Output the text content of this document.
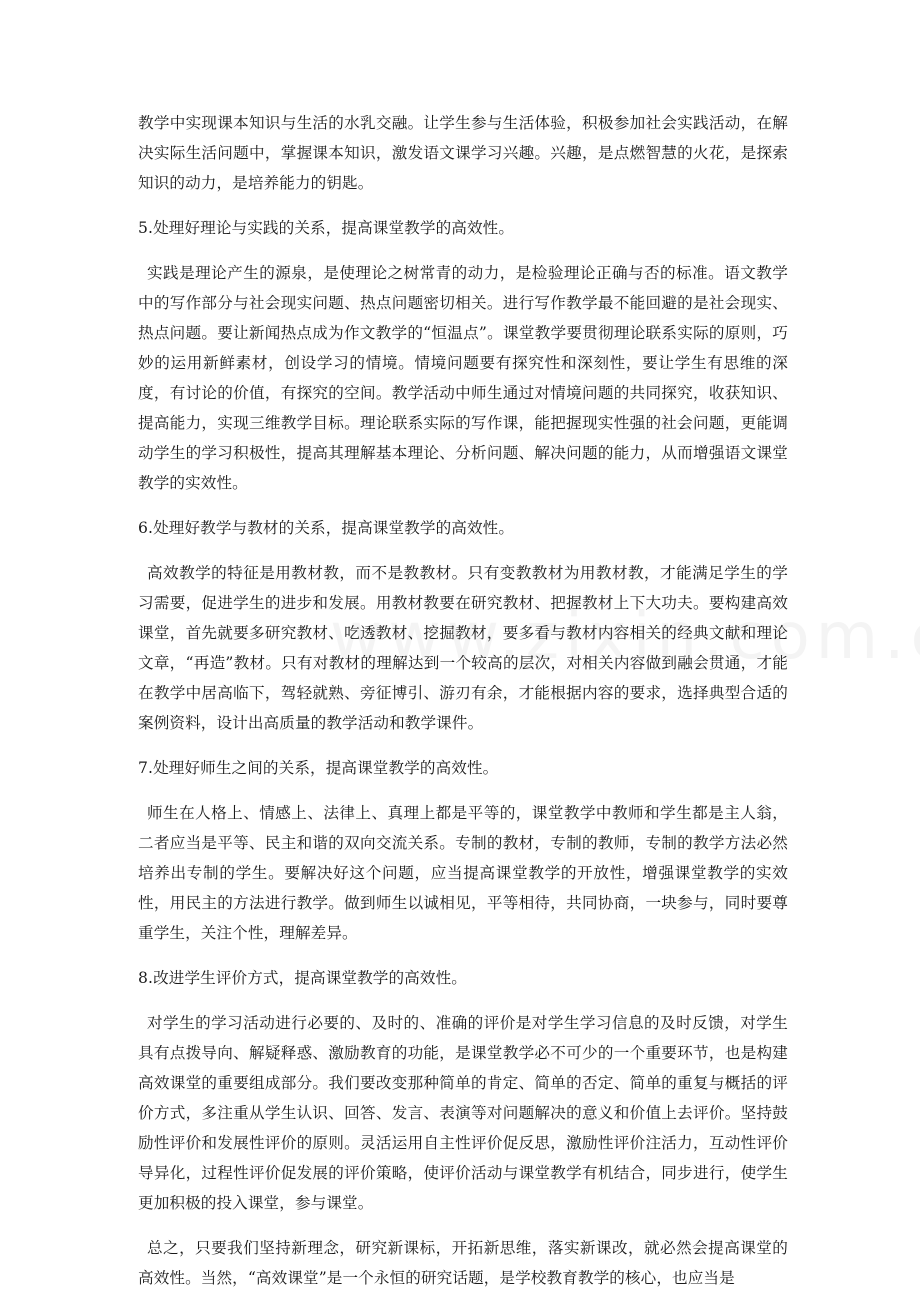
教学中实现课本知识与生活的水乳交融。让学生参与生活体验，积极参加社会实践活动，在解决实际生活问题中，掌握课本知识，激发语文课学习兴趣。兴趣，是点燃智慧的火花，是探索知识的动力，是培养能力的钥匙。

5.处理好理论与实践的关系，提高课堂教学的高效性。

实践是理论产生的源泉，是使理论之树常青的动力，是检验理论正确与否的标准。语文教学中的写作部分与社会现实问题、热点问题密切相关。进行写作教学最不能回避的是社会现实、热点问题。要让新闻热点成为作文教学的“恒温点”。课堂教学要贯彻理论联系实际的原则，巧妙的运用新鲜素材，创设学习的情境。情境问题要有探究性和深刻性，要让学生有思维的深度，有讨论的价值，有探究的空间。教学活动中师生通过对情境问题的共同探究，收获知识、提高能力，实现三维教学目标。理论联系实际的写作课，能把握现实性强的社会问题，更能调动学生的学习积极性，提高其理解基本理论、分析问题、解决问题的能力，从而增强语文课堂教学的实效性。

6.处理好教学与教材的关系，提高课堂教学的高效性。

高效教学的特征是用教材教，而不是教教材。只有变教教材为用教材教，才能满足学生的学习需要，促进学生的进步和发展。用教材教要在研究教材、把握教材上下大功夫。要构建高效课堂，首先就要多研究教材、吃透教材、挖掘教材，要多看与教材内容相关的经典文献和理论文章，“再造”教材。只有对教材的理解达到一个较高的层次，对相关内容做到融会贯通，才能在教学中居高临下，驾轻就熟、旁征博引、游刃有余，才能根据内容的要求，选择典型合适的案例资料，设计出高质量的教学活动和教学课件。

7.处理好师生之间的关系，提高课堂教学的高效性。

师生在人格上、情感上、法律上、真理上都是平等的，课堂教学中教师和学生都是主人翁，二者应当是平等、民主和谐的双向交流关系。专制的教材，专制的教师，专制的教学方法必然培养出专制的学生。要解决好这个问题，应当提高课堂教学的开放性，增强课堂教学的实效性，用民主的方法进行教学。做到师生以诚相见，平等相待，共同协商，一块参与，同时要尊重学生，关注个性，理解差异。

8.改进学生评价方式，提高课堂教学的高效性。

对学生的学习活动进行必要的、及时的、准确的评价是对学生学习信息的及时反馈，对学生具有点拨导向、解疑释惑、激励教育的功能，是课堂教学必不可少的一个重要环节，也是构建高效课堂的重要组成部分。我们要改变那种简单的肯定、简单的否定、简单的重复与概括的评价方式，多注重从学生认识、回答、发言、表演等对问题解决的意义和价值上去评价。坚持鼓励性评价和发展性评价的原则。灵活运用自主性评价促反思，激励性评价注活力，互动性评价导异化，过程性评价促发展的评价策略，使评价活动与课堂教学有机结合，同步进行，使学生更加积极的投入课堂，参与课堂。

总之，只要我们坚持新理念，研究新课标，开拓新思维，落实新课改，就必然会提高课堂的高效性。当然，“高效课堂”是一个永恒的研究话题，是学校教育教学的核心，也应当是
